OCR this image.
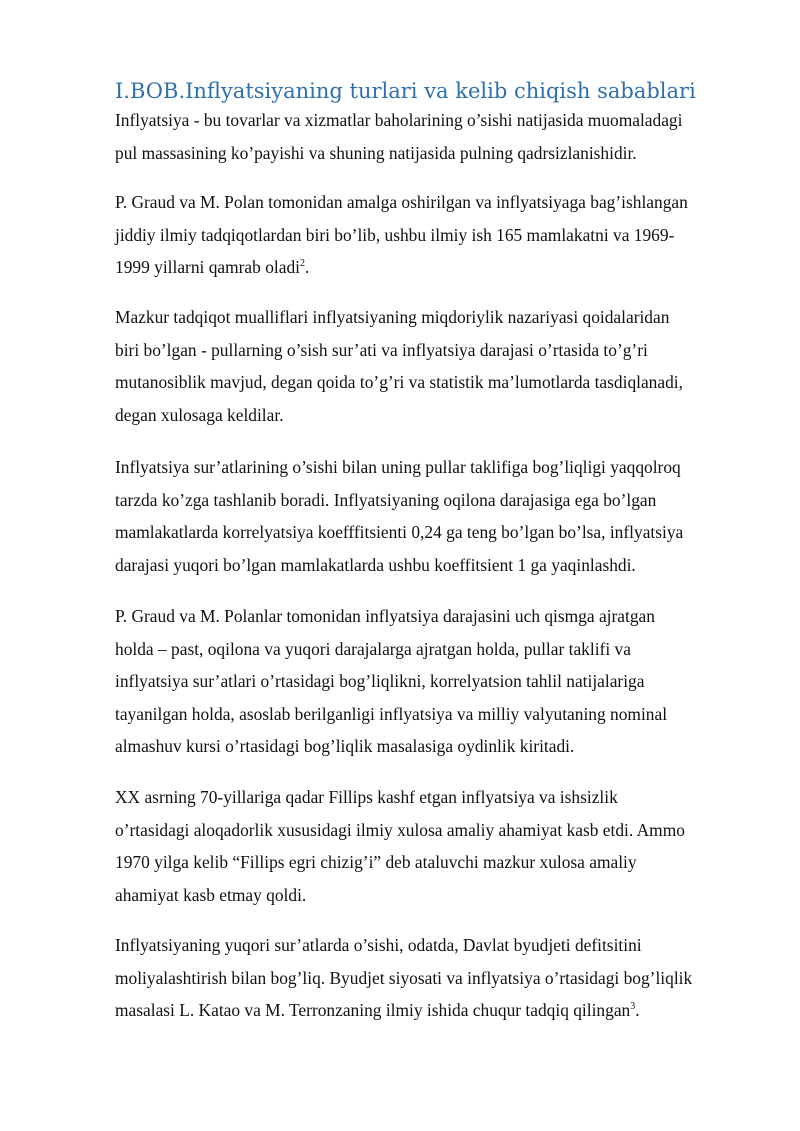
I.BOB.Inflyatsiyaning turlari va kelib chiqish sabablari

Inflyatsiya - bu tovarlar va xizmatlar baholarining o’sishi natijasida muomaladagi
pul massasining ko’payishi va shuning natijasida pulning qadrsizlanishidir.

P. Graud va M. Polan tomonidan amalga oshirilgan va inflyatsiyaga bag’ishlangan
jiddiy ilmiy tadqiqotlardan biri bo’lib, ushbu ilmiy ish 165 mamlakatni va 1969-
1999 yillarni qamrab oladi$^2$.

Mazkur tadqiqot mualliflari inflyatsiyaning miqdoriylik nazariyasi qoidalaridan
biri bo’lgan - pullarning o’sish sur’ati va inflyatsiya darajasi o’rtasida to’g’ri
mutanosiblik mavjud, degan qoida to’g’ri va statistik ma’lumotlarda tasdiqlanadi,
degan xulosaga keldilar.

Inflyatsiya sur’atlarining o’sishi bilan uning pullar taklifiga bog’liqligi yaqqolroq
tarzda ko’zga tashlanib boradi. Inflyatsiyaning oqilona darajasiga ega bo’lgan
mamlakatlarda korrelyatsiya koefffitsienti 0,24 ga teng bo’lgan bo’lsa, inflyatsiya
darajasi yuqori bo’lgan mamlakatlarda ushbu koeffitsient 1 ga yaqinlashdi.

P. Graud va M. Polanlar tomonidan inflyatsiya darajasini uch qismga ajratgan
holda – past, oqilona va yuqori darajalarga ajratgan holda, pullar taklifi va
inflyatsiya sur’atlari o’rtasidagi bog’liqlikni, korrelyatsion tahlil natijalariga
tayanilgan holda, asoslab berilganligi inflyatsiya va milliy valyutaning nominal
almashuv kursi o’rtasidagi bog’liqlik masalasiga oydinlik kiritadi.

XX asrning 70-yillariga qadar Fillips kashf etgan inflyatsiya va ishsizlik
o’rtasidagi aloqadorlik xususidagi ilmiy xulosa amaliy ahamiyat kasb etdi. Ammo
1970 yilga kelib “Fillips egri chizig’i” deb ataluvchi mazkur xulosa amaliy
ahamiyat kasb etmay qoldi.

Inflyatsiyaning yuqori sur’atlarda o’sishi, odatda, Davlat byudjeti defitsitini
moliyalashtirish bilan bog’liq. Byudjet siyosati va inflyatsiya o’rtasidagi bog’liqlik
masalasi L. Katao va M. Terronzaning ilmiy ishida chuqur tadqiq qilingan$^3$.
